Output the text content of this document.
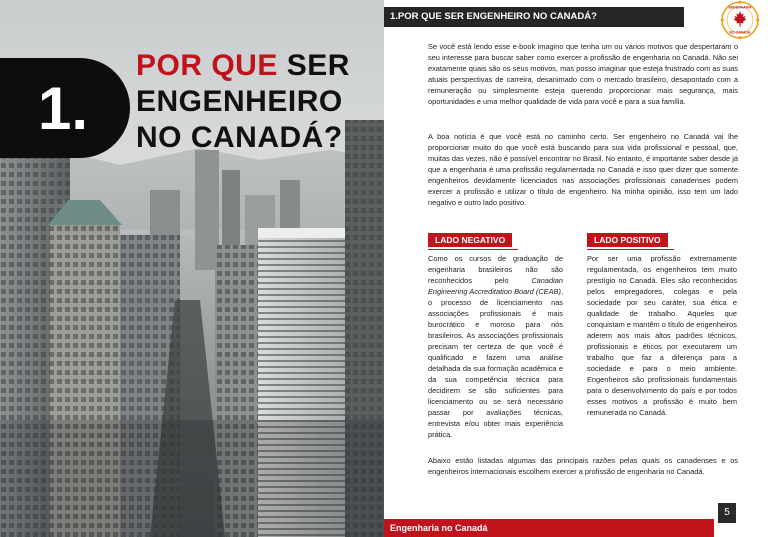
1.
POR QUE SER
ENGENHEIRO
NO CANADÁ?
1.POR QUE SER ENGENHEIRO NO CANADÁ?
ENGENHARIA
NO CANADÁ

Se você está lendo esse e-book imagino que tenha um ou vários motivos que despertaram o seu interesse para buscar saber como exercer a profissão de engenharia no Canadá. Não sei exatamente quais são os seus motivos, mas posso imaginar que esteja frustrado com as suas atuais perspectivas de carreira, desanimado com o mercado brasileiro, desapontado com a remuneração ou simplesmente esteja querendo proporcionar mais segurança, mais oportunidades e uma melhor qualidade de vida para você e para a sua família.

A boa notícia é que você está no caminho certo. Ser engenheiro no Canadá vai lhe proporcionar muito do que você está buscando para sua vida profissional e pessoal, que, muitas das vezes, não é possível encontrar no Brasil. No entanto, é importante saber desde já que a engenharia é uma profissão regulamentada no Canadá e isso quer dizer que somente engenheiros devidamente licenciados nas associações profissionais canadenses podem exercer a profissão e utilizar o título de engenheiro. Na minha opinião, isso tem um lado negativo e outro lado positivo.

LADO NEGATIVO

Como os cursos de graduação de engenharia brasileiros não são reconhecidos pelo Canadian Engineering Accreditation Board (CEAB), o processo de licenciamento nas associações profissionais é mais burocrático e moroso para nós brasileiros. As associações profissionais precisam ter certeza de que você é qualificado e fazem uma análise detalhada da sua formação acadêmica e da sua competência técnica para decidirem se são suficientes para licenciamento ou se será necessário passar por avaliações técnicas, entrevista e/ou obter mais experiência prática.

LADO POSITIVO

Por ser uma profissão extremamente regulamentada, os engenheiros tem muito prestígio no Canadá. Eles são reconhecidos pelos empregadores, colegas e pela sociedade por seu caráter, sua ética e qualidade de trabalho. Aqueles que conquistam e mantêm o título de engenheiros aderem aos mais altos padrões técnicos, profissionais e éticos por executarem um trabalho que faz a diferença para a sociedade e para o meio ambiente. Engenheiros são profissionais fundamentais para o desenvolvimento do país e por todos esses motivos a profissão é muito bem remunerada no Canadá.

Abaixo estão listadas algumas das principais razões pelas quais os canadenses e os engenheiros internacionais escolhem exercer a profissão de engenharia no Canadá.

5
Engenharia no Canadá
